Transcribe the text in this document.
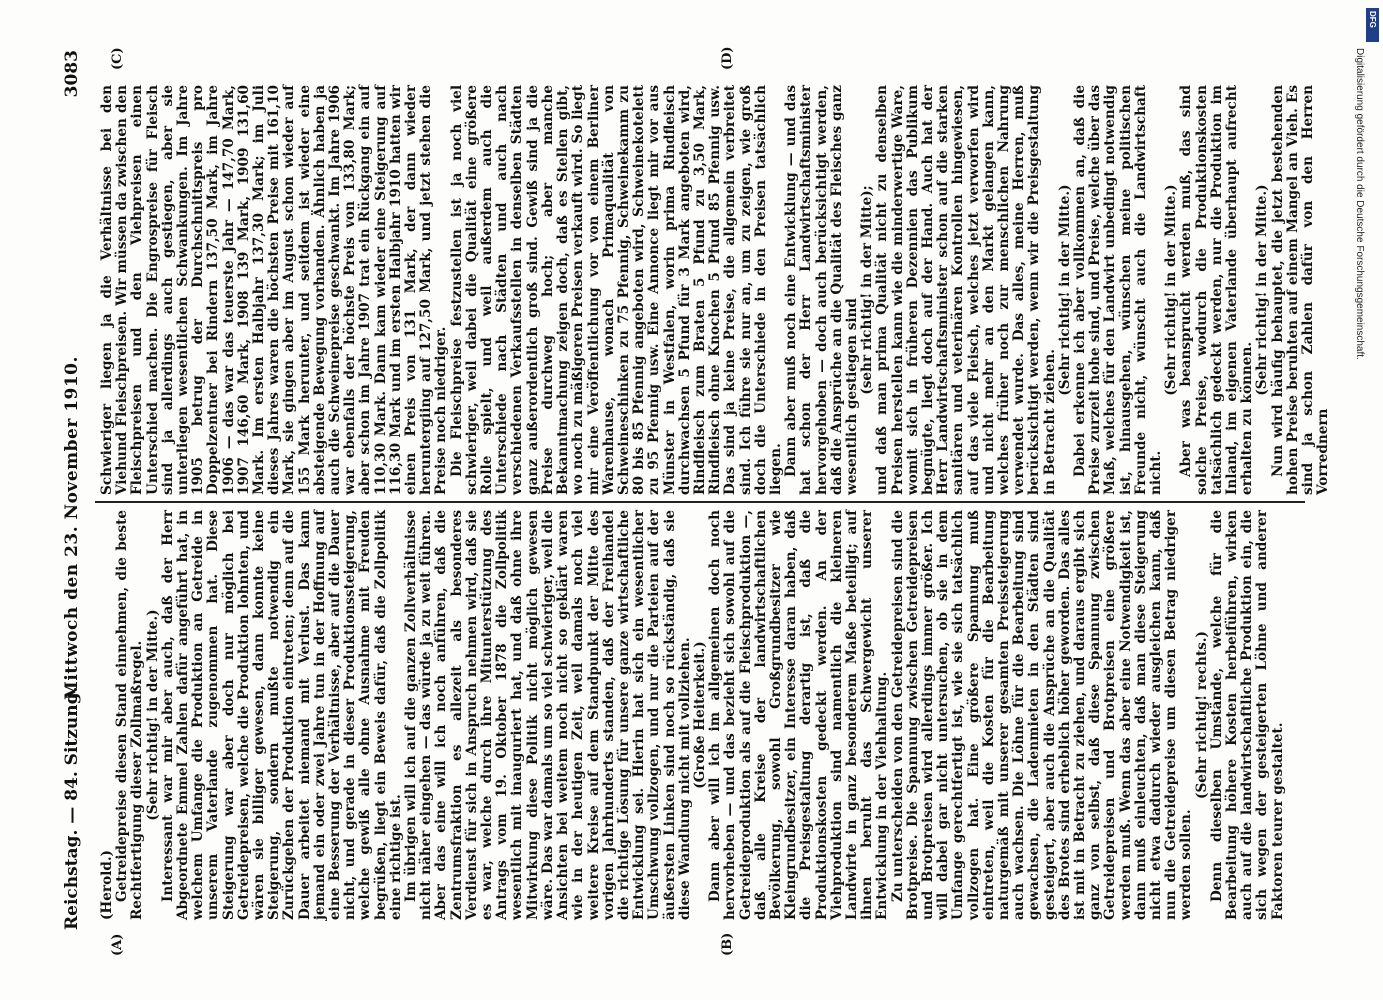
Reichstag. — 84. Sitzung.
Mittwoch den 23. November 1910.
3083
(A)	(B)
(C)	(D)

(Herold.) Getreidepreise diesen Stand einnehmen, die beste Rechtfertigung dieser Zollmaßregel. (Sehr richtig! in der Mitte.) Interessant war mir aber auch, daß der Herr Abgeordnete Emmel Zahlen dafür angeführt hat, in welchem Umfange die Produktion an Getreide in unserem Vaterlande zugenommen hat. Diese Steigerung war aber doch nur möglich bei Getreidepreisen, welche die Produktion lohnten, und wären sie billiger gewesen, dann konnte keine Steigerung, sondern mußte notwendig ein Zurückgehen der Produktion eintreten; denn auf die Dauer arbeitet niemand mit Verlust. Das kann jemand ein oder zwei Jahre tun in der Hoffnung auf eine Besserung der Verhältnisse, aber auf die Dauer nicht, und gerade in dieser Produktionssteigerung, welche gewiß alle ohne Ausnahme mit Freuden begrüßen, liegt ein Beweis dafür, daß die Zollpolitik eine richtige ist. Im übrigen will ich auf die ganzen Zollverhältnisse nicht näher eingehen — das würde ja zu weit führen. Aber das eine will ich noch anführen, daß die Zentrumsfraktion es allezeit als besonderes Verdienst für sich in Anspruch nehmen wird, daß sie es war, welche durch ihre Mitunterstützung des Antrags vom 19. Oktober 1878 die Zollpolitik wesentlich mit inauguriert hat, und daß ohne ihre Mitwirkung diese Politik nicht möglich gewesen wäre. Das war damals um so viel schwieriger, weil die Ansichten bei weitem noch nicht so geklärt waren wie in der heutigen Zeit, weil damals noch viel weitere Kreise auf dem Standpunkt der Mitte des vorigen Jahrhunderts standen, daß der Freihandel die richtige Lösung für unsere ganze wirtschaftliche Entwicklung sei. Hierin hat sich ein wesentlicher Umschwung vollzogen, und nur die Parteien auf der äußersten Linken sind noch so rückständig, daß sie diese Wandlung nicht mit vollziehen. (Große Heiterkeit.) Dann aber will ich im allgemeinen doch noch hervorheben — und das bezieht sich sowohl auf die Getreideproduktion als auf die Fleischproduktion —, daß alle Kreise der landwirtschaftlichen Bevölkerung, sowohl Großgrundbesitzer wie Kleingrundbesitzer, ein Interesse daran haben, daß die Preisgestaltung derartig ist, daß die Produktionskosten gedeckt werden. An der Viehproduktion sind namentlich die kleineren Landwirte in ganz besonderem Maße beteiligt; auf ihnen beruht das Schwergewicht unserer Entwicklung in der Viehhaltung. Zu unterscheiden von den Getreidepreisen sind die Brotpreise. Die Spannung zwischen Getreidepreisen und Brotpreisen wird allerdings immer größer. Ich will dabei gar nicht untersuchen, ob sie in dem Umfange gerechtfertigt ist, wie sie sich tatsächlich vollzogen hat. Eine größere Spannung muß eintreten, weil die Kosten für die Bearbeitung naturgemäß mit unserer gesamten Preissteigerung auch wachsen. Die Löhne für die Bearbeitung sind gewachsen, die Ladenmieten in den Städten sind gesteigert, aber auch die Ansprüche an die Qualität des Brotes sind erheblich höher geworden. Das alles ist mit in Betracht zu ziehen, und daraus ergibt sich ganz von selbst, daß diese Spannung zwischen Getreidepreisen und Brotpreisen eine größere werden muß. Wenn das aber eine Notwendigkeit ist, dann muß einleuchten, daß man diese Steigerung nicht etwa dadurch wieder ausgleichen kann, daß nun die Getreidepreise um diesen Betrag niedriger werden sollen.

(Sehr richtig! rechts.) Denn dieselben Umstände, welche für die Bearbeitung höhere Kosten herbeiführen, wirken auch auf die landwirtschaftliche Produktion ein, die sich wegen der gesteigerten Löhne und anderer Faktoren teurer gestaltet.

Schwieriger liegen ja die Verhältnisse bei den Viehund Fleischpreisen. Wir müssen da zwischen den Fleischpreisen und den Viehpreisen einen Unterschied machen. Die Engrospreise für Fleisch sind ja allerdings auch gestiegen, aber sie unterliegen wesentlichen Schwankungen. Im Jahre 1905 betrug der Durchschnittspreis pro Doppelzentner bei Rindern 137,50 Mark, im Jahre 1906 — das war das teuerste Jahr — 147,70 Mark, 1907 146,60 Mark, 1908 139 Mark, 1909 131,60 Mark. Im ersten Halbjahr 137,30 Mark; im Juli dieses Jahres waren die höchsten Preise mit 161,10 Mark, sie gingen aber im August schon wieder auf 155 Mark herunter, und seitdem ist wieder eine absteigende Bewegung vorhanden. Ähnlich haben ja auch die Schweinepreise geschwankt. Im Jahre 1906 war ebenfalls der höchste Preis von 133,80 Mark; aber schon im Jahre 1907 trat ein Rückgang ein auf 110,30 Mark. Dann kam wieder eine Steigerung auf 116,30 Mark und im ersten Halbjahr 1910 hatten wir einen Preis von 131 Mark, der dann wieder heruntergiing auf 127,50 Mark, und jetzt stehen die Preise noch niedriger. Die Fleischpreise festzustellen ist ja noch viel schwieriger, weil dabei die Qualität eine größere Rolle spielt, und weil außerdem auch die Unterschiede nach Städten und auch nach verschiedenen Verkaufsstellen in denselben Städten ganz außerordentlich groß sind. Gewiß sind ja die Preise durchweg hoch; aber manche Bekanntmachung zeigen doch, daß es Stellen gibt, wo noch zu mäßigeren Preisen verkauft wird. So liegt mir eine Veröffentlichung vor von einem Berliner Warenhause, wonach Primaqualität von Schweineschinken zu 75 Pfennig, Schweinekamm zu 80 bis 85 Pfennig angeboten wird, Schweinekotelett zu 95 Pfennig usw. Eine Annonce liegt mir vor aus Münster in Westfalen, worin prima Rindfleisch durchwachsen 5 Pfund für 3 Mark angeboten wird, Rindfleisch zum Braten 5 Pfund zu 3,50 Mark, Rindfleisch ohne Knochen 5 Pfund 85 Pfennig usw. Das sind ja keine Preise, die allgemein verbreitet sind. Ich führe sie nur an, um zu zeigen, wie groß doch die Unterschiede in den Preisen tatsächlich liegen. Dann aber muß noch eine Entwicklung — und das hat schon der Herr Landwirtschaftsminister hervorgehoben — doch auch berücksichtigt werden, daß die Ansprüche an die Qualität des Fleisches ganz wesentlich gestiegen sind

(sehr richtig! in der Mitte); und daß man prima Qualität nicht zu denselben Preisen herstellen kann wie die minderwertige Ware, womit sich in früheren Dezennien das Publikum begnügte, liegt doch auf der Hand. Auch hat der Herr Landwirtschaftsminister schon auf die starken sanitären und veterinären Kontrollen hingewiesen, auf das viele Fleisch, welches jetzt verworfen wird und nicht mehr an den Markt gelangen kann, welches früher noch zur menschlichen Nahrung verwendet wurde. Das alles, meine Herren, muß berücksichtigt werden, wenn wir die Preisgestaltung in Betracht ziehen.

(Sehr richtig! in der Mitte.) Dabei erkenne ich aber vollkommen an, daß die Preise zurzeit hohe sind, und Preise, welche über das Maß, welches für den Landwirt unbedingt notwendig ist, hinausgehen, wünschen meine politischen Freunde nicht, wünscht auch die Landwirtschaft nicht.

(Sehr richtig! in der Mitte.) Aber was beansprucht werden muß, das sind solche Preise, wodurch die Produktionskosten tatsächlich gedeckt werden, nur die Produktion im Inland, im eigenen Vaterlande überhaupt aufrecht erhalten zu können.

(Sehr richtig! in der Mitte.) Nun wird häufig behauptet, die jetzt bestehenden hohen Preise beruhten auf einem Mangel an Vieh. Es sind ja schon Zahlen dafür von den Herren Vorrednern

DFG
Digitalisierung gefördert durch die Deutsche Forschungsgemeinschaft.
